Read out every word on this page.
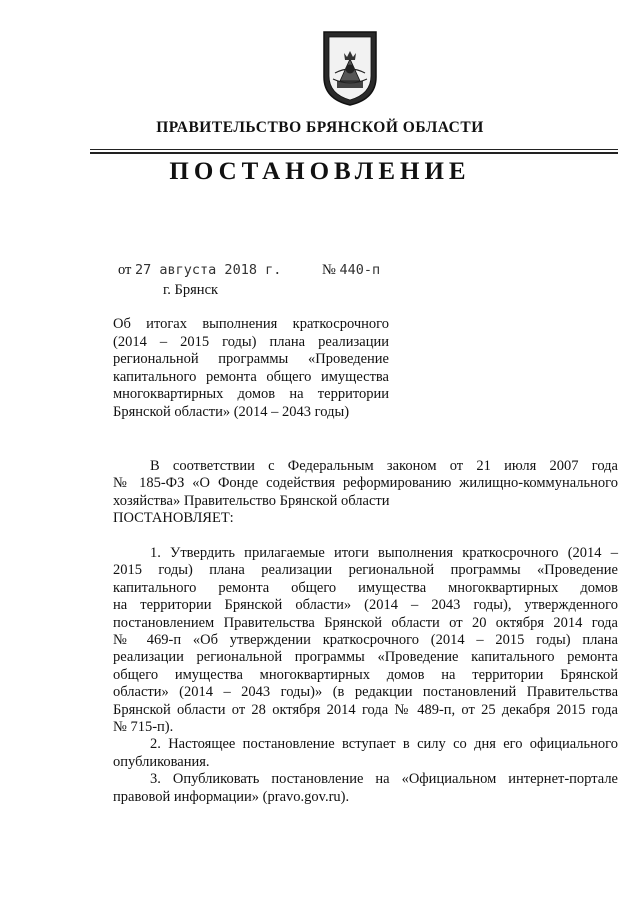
ПРАВИТЕЛЬСТВО БРЯНСКОЙ ОБЛАСТИ
ПОСТАНОВЛЕНИЕ
от 27 августа 2018 г.	№ 440-п
г. Брянск
Об итогах выполнения краткосрочного
(2014 – 2015 годы) плана реализации
региональной программы «Проведение
капитального ремонта общего имущества
многоквартирных домов на территории
Брянской области» (2014 – 2043 годы)
В соответствии с Федеральным законом от 21 июля 2007 года
№ 185-ФЗ «О Фонде содействия реформированию жилищно-коммунального
хозяйства» Правительство Брянской области
ПОСТАНОВЛЯЕТ:
1. Утвердить прилагаемые итоги выполнения краткосрочного (2014 –
2015 годы) плана реализации региональной программы «Проведение
капитального ремонта общего имущества многоквартирных домов
на территории Брянской области» (2014 – 2043 годы), утвержденного
постановлением Правительства Брянской области от 20 октября 2014 года
№ 469-п «Об утверждении краткосрочного (2014 – 2015 годы) плана
реализации региональной программы «Проведение капитального ремонта
общего имущества многоквартирных домов на территории Брянской
области» (2014 – 2043 годы)» (в редакции постановлений Правительства
Брянской области от 28 октября 2014 года № 489-п, от 25 декабря 2015 года
№ 715-п).
2. Настоящее постановление вступает в силу со дня его официального
опубликования.
3. Опубликовать постановление на «Официальном интернет-портале
правовой информации» (pravo.gov.ru).
